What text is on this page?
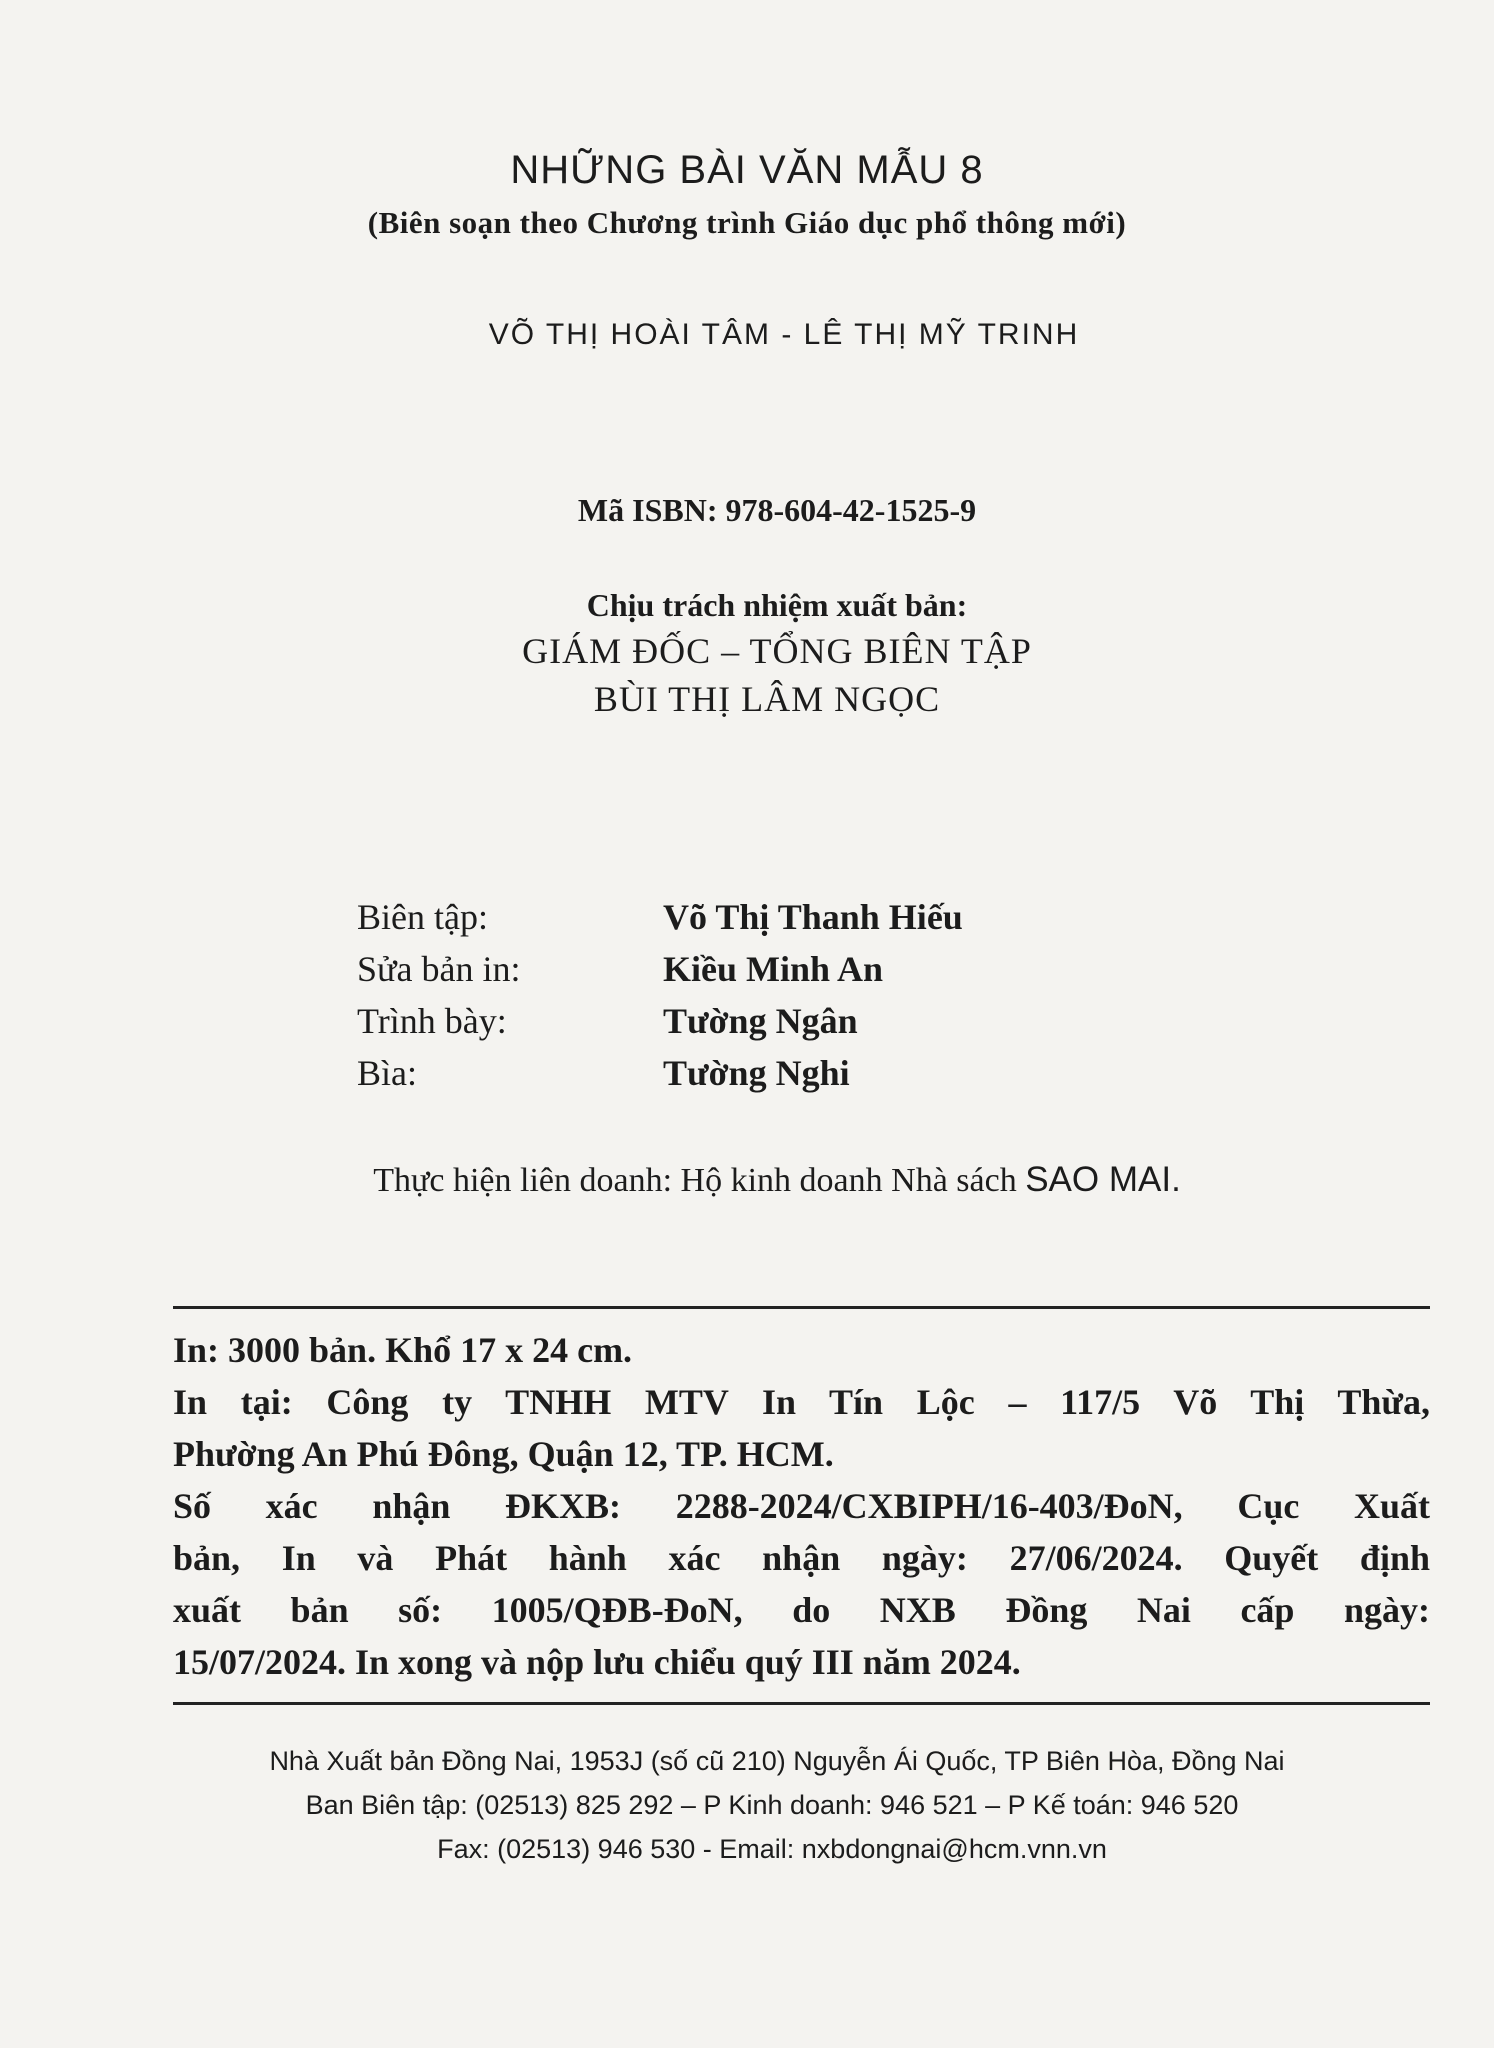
NHỮNG BÀI VĂN MẪU 8
(Biên soạn theo Chương trình Giáo dục phổ thông mới)
VÕ THỊ HOÀI TÂM - LÊ THỊ MỸ TRINH
Mã ISBN: 978-604-42-1525-9
Chịu trách nhiệm xuất bản:
GIÁM ĐỐC – TỔNG BIÊN TẬP
BÙI THỊ LÂM NGỌC
Biên tập:	Võ Thị Thanh Hiếu
Sửa bản in:	Kiều Minh An
Trình bày:	Tường Ngân
Bìa:	Tường Nghi
Thực hiện liên doanh: Hộ kinh doanh Nhà sách SAO MAI.
In: 3000 bản. Khổ 17 x 24 cm.
In tại: Công ty TNHH MTV In Tín Lộc – 117/5 Võ Thị Thừa,
Phường An Phú Đông, Quận 12, TP. HCM.
Số xác nhận ĐKXB: 2288-2024/CXBIPH/16-403/ĐoN, Cục Xuất
bản, In và Phát hành xác nhận ngày: 27/06/2024. Quyết định
xuất bản số: 1005/QĐB-ĐoN, do NXB Đồng Nai cấp ngày:
15/07/2024. In xong và nộp lưu chiểu quý III năm 2024.
Nhà Xuất bản Đồng Nai, 1953J (số cũ 210) Nguyễn Ái Quốc, TP Biên Hòa, Đồng Nai
Ban Biên tập: (02513) 825 292 – P Kinh doanh: 946 521 – P Kế toán: 946 520
Fax: (02513) 946 530 - Email: nxbdongnai@hcm.vnn.vn
